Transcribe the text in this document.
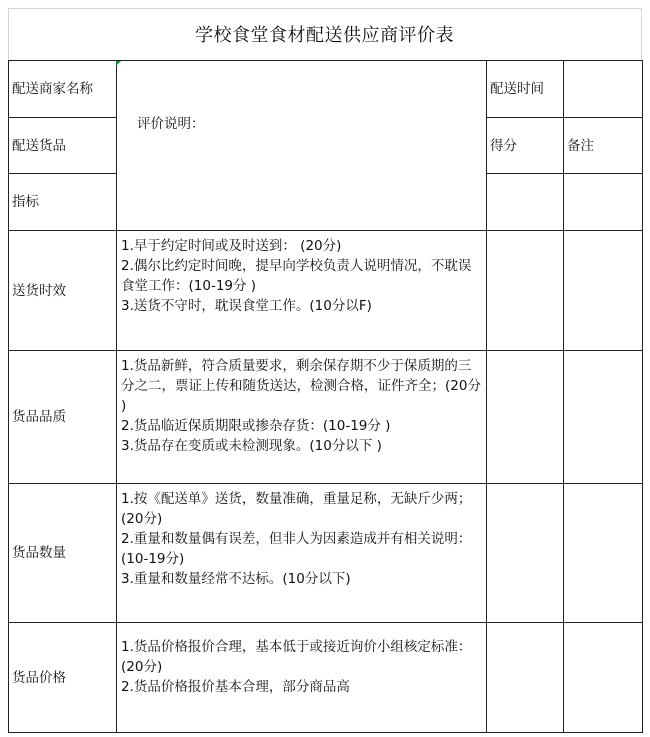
学校食堂食材配送供应商评价表
配送商家名称	评价说明：	配送时间	
配送货品		得分	备注
指标			
送货时效	1.早于约定时间或及时送到： (20分)
2.偶尔比约定时间晚，提早向学校负责人说明情况，不耽误食堂工作：(10-19分 )
3.送货不守时，耽误食堂工作。(10分以F)		

货品品质	1.货品新鲜，符合质量要求，剩余保存期不少于保质期的三分之二，票证上传和随货送达，检测合格，证件齐全；(20分 )
2.货品临近保质期限或掺杂存货：(10-19分 )
3.货品存在变质或未检测现象。(10分以下 )		

货品数量	1.按《配送单》送货，数量准确，重量足称，无缺斤少两；(20分)
2.重量和数量偶有误差，但非人为因素造成并有相关说明： (10-19分)
3.重量和数量经常不达标。(10分以下)		

货品价格	1.货品价格报价合理，基本低于或接近询价小组核定标准：(20分)
2.货品价格报价基本合理，部分商品高		
